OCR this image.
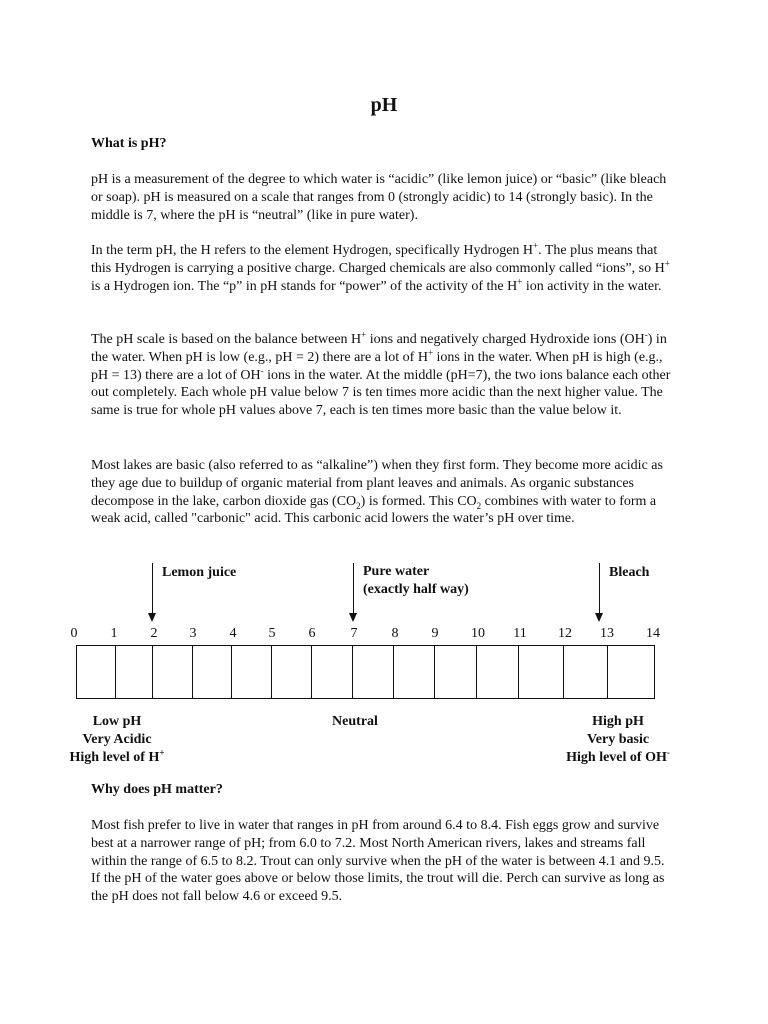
pH
What is pH?

pH is a measurement of the degree to which water is “acidic” (like lemon juice) or “basic” (like bleach or soap). pH is measured on a scale that ranges from 0 (strongly acidic) to 14 (strongly basic). In the middle is 7, where the pH is “neutral” (like in pure water).

In the term pH, the H refers to the element Hydrogen, specifically Hydrogen H+. The plus means that this Hydrogen is carrying a positive charge. Charged chemicals are also commonly called “ions”, so H+ is a Hydrogen ion. The “p” in pH stands for “power” of the activity of the H+ ion activity in the water.

The pH scale is based on the balance between H+ ions and negatively charged Hydroxide ions (OH-) in the water. When pH is low (e.g., pH = 2) there are a lot of H+ ions in the water. When pH is high (e.g., pH = 13) there are a lot of OH- ions in the water. At the middle (pH=7), the two ions balance each other out completely. Each whole pH value below 7 is ten times more acidic than the next higher value. The same is true for whole pH values above 7, each is ten times more basic than the value below it.

Most lakes are basic (also referred to as “alkaline”) when they first form. They become more acidic as they age due to buildup of organic material from plant leaves and animals. As organic substances decompose in the lake, carbon dioxide gas $(CO_2)$ is formed. This $CO_2$ combines with water to form a weak acid, called "carbonic" acid. This carbonic acid lowers the water’s pH over time.

Lemon juice	Pure water
(exactly half way)
Bleach
0	1	2	3	4	5	6	7	8	9	10	11	12	13	14
Low pH
Very Acidic
High level of H+
Neutral	High pH
Very basic
High level of OH-
Why does pH matter?

Most fish prefer to live in water that ranges in pH from around 6.4 to 8.4. Fish eggs grow and survive best at a narrower range of pH; from 6.0 to 7.2. Most North American rivers, lakes and streams fall within the range of 6.5 to 8.2. Trout can only survive when the pH of the water is between 4.1 and 9.5. If the pH of the water goes above or below those limits, the trout will die. Perch can survive as long as the pH does not fall below 4.6 or exceed 9.5.
